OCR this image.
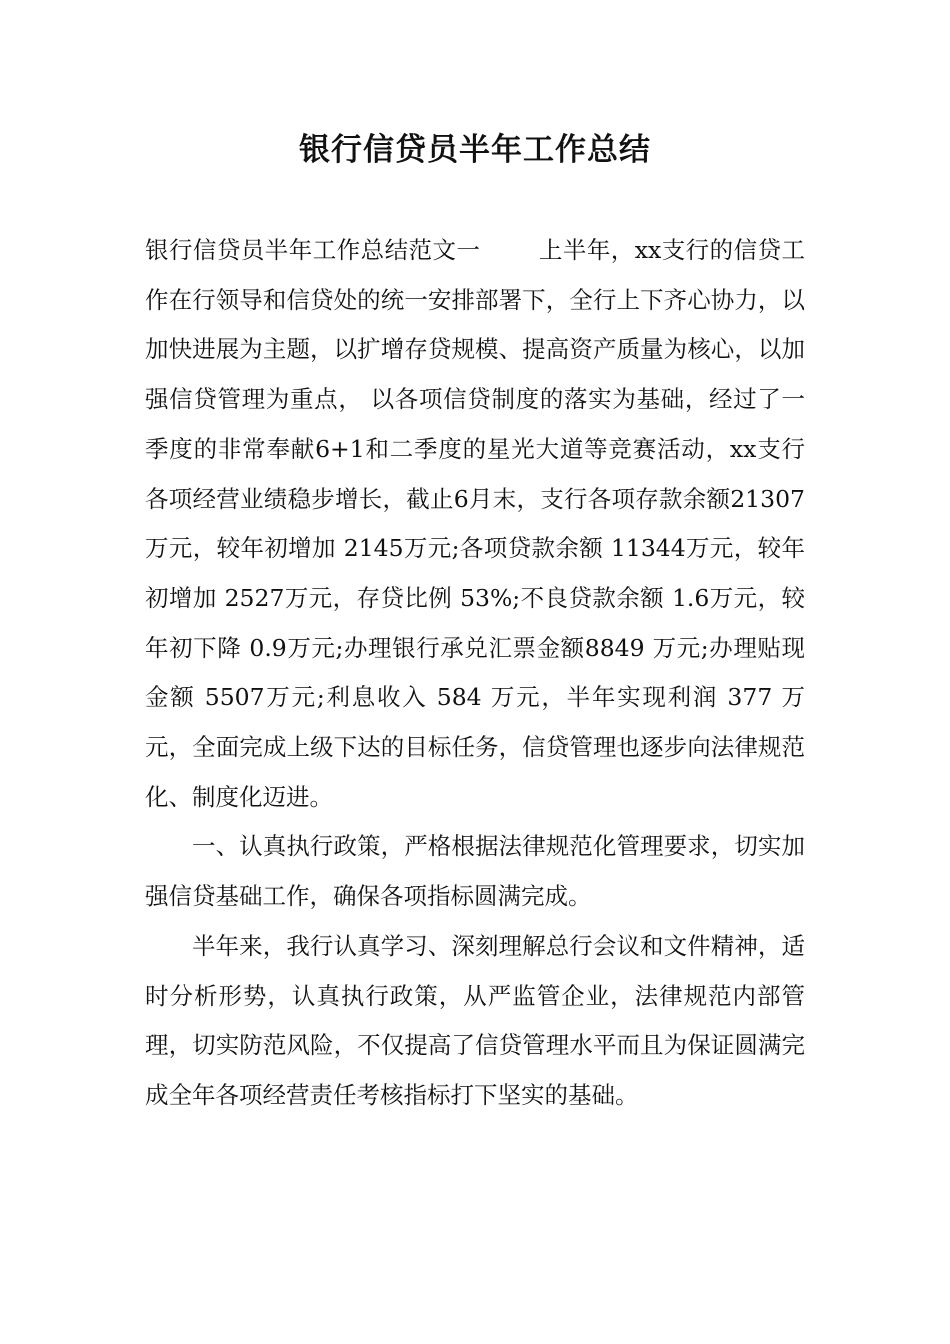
银行信贷员半年工作总结

银行信贷员半年工作总结范文一 上半年，xx支行的信贷工作在行领导和信贷处的统一安排部署下，全行上下齐心协力，以加快进展为主题，以扩增存贷规模、提高资产质量为核心，以加强信贷管理为重点， 以各项信贷制度的落实为基础，经过了一季度的非常奉献6+1和二季度的星光大道等竞赛活动，xx支行各项经营业绩稳步增长，截止6月末，支行各项存款余额21307万元，较年初增加 2145万元;各项贷款余额 11344万元，较年初增加 2527万元，存贷比例 53%;不良贷款余额 1.6万元，较年初下降 0.9万元;办理银行承兑汇票金额8849 万元;办理贴现金额 5507万元;利息收入 584 万元，半年实现利润 377 万元，全面完成上级下达的目标任务，信贷管理也逐步向法律规范化、制度化迈进。

一、认真执行政策，严格根据法律规范化管理要求，切实加强信贷基础工作，确保各项指标圆满完成。

半年来，我行认真学习、深刻理解总行会议和文件精神，适时分析形势，认真执行政策，从严监管企业，法律规范内部管理，切实防范风险，不仅提高了信贷管理水平而且为保证圆满完成全年各项经营责任考核指标打下坚实的基础。
